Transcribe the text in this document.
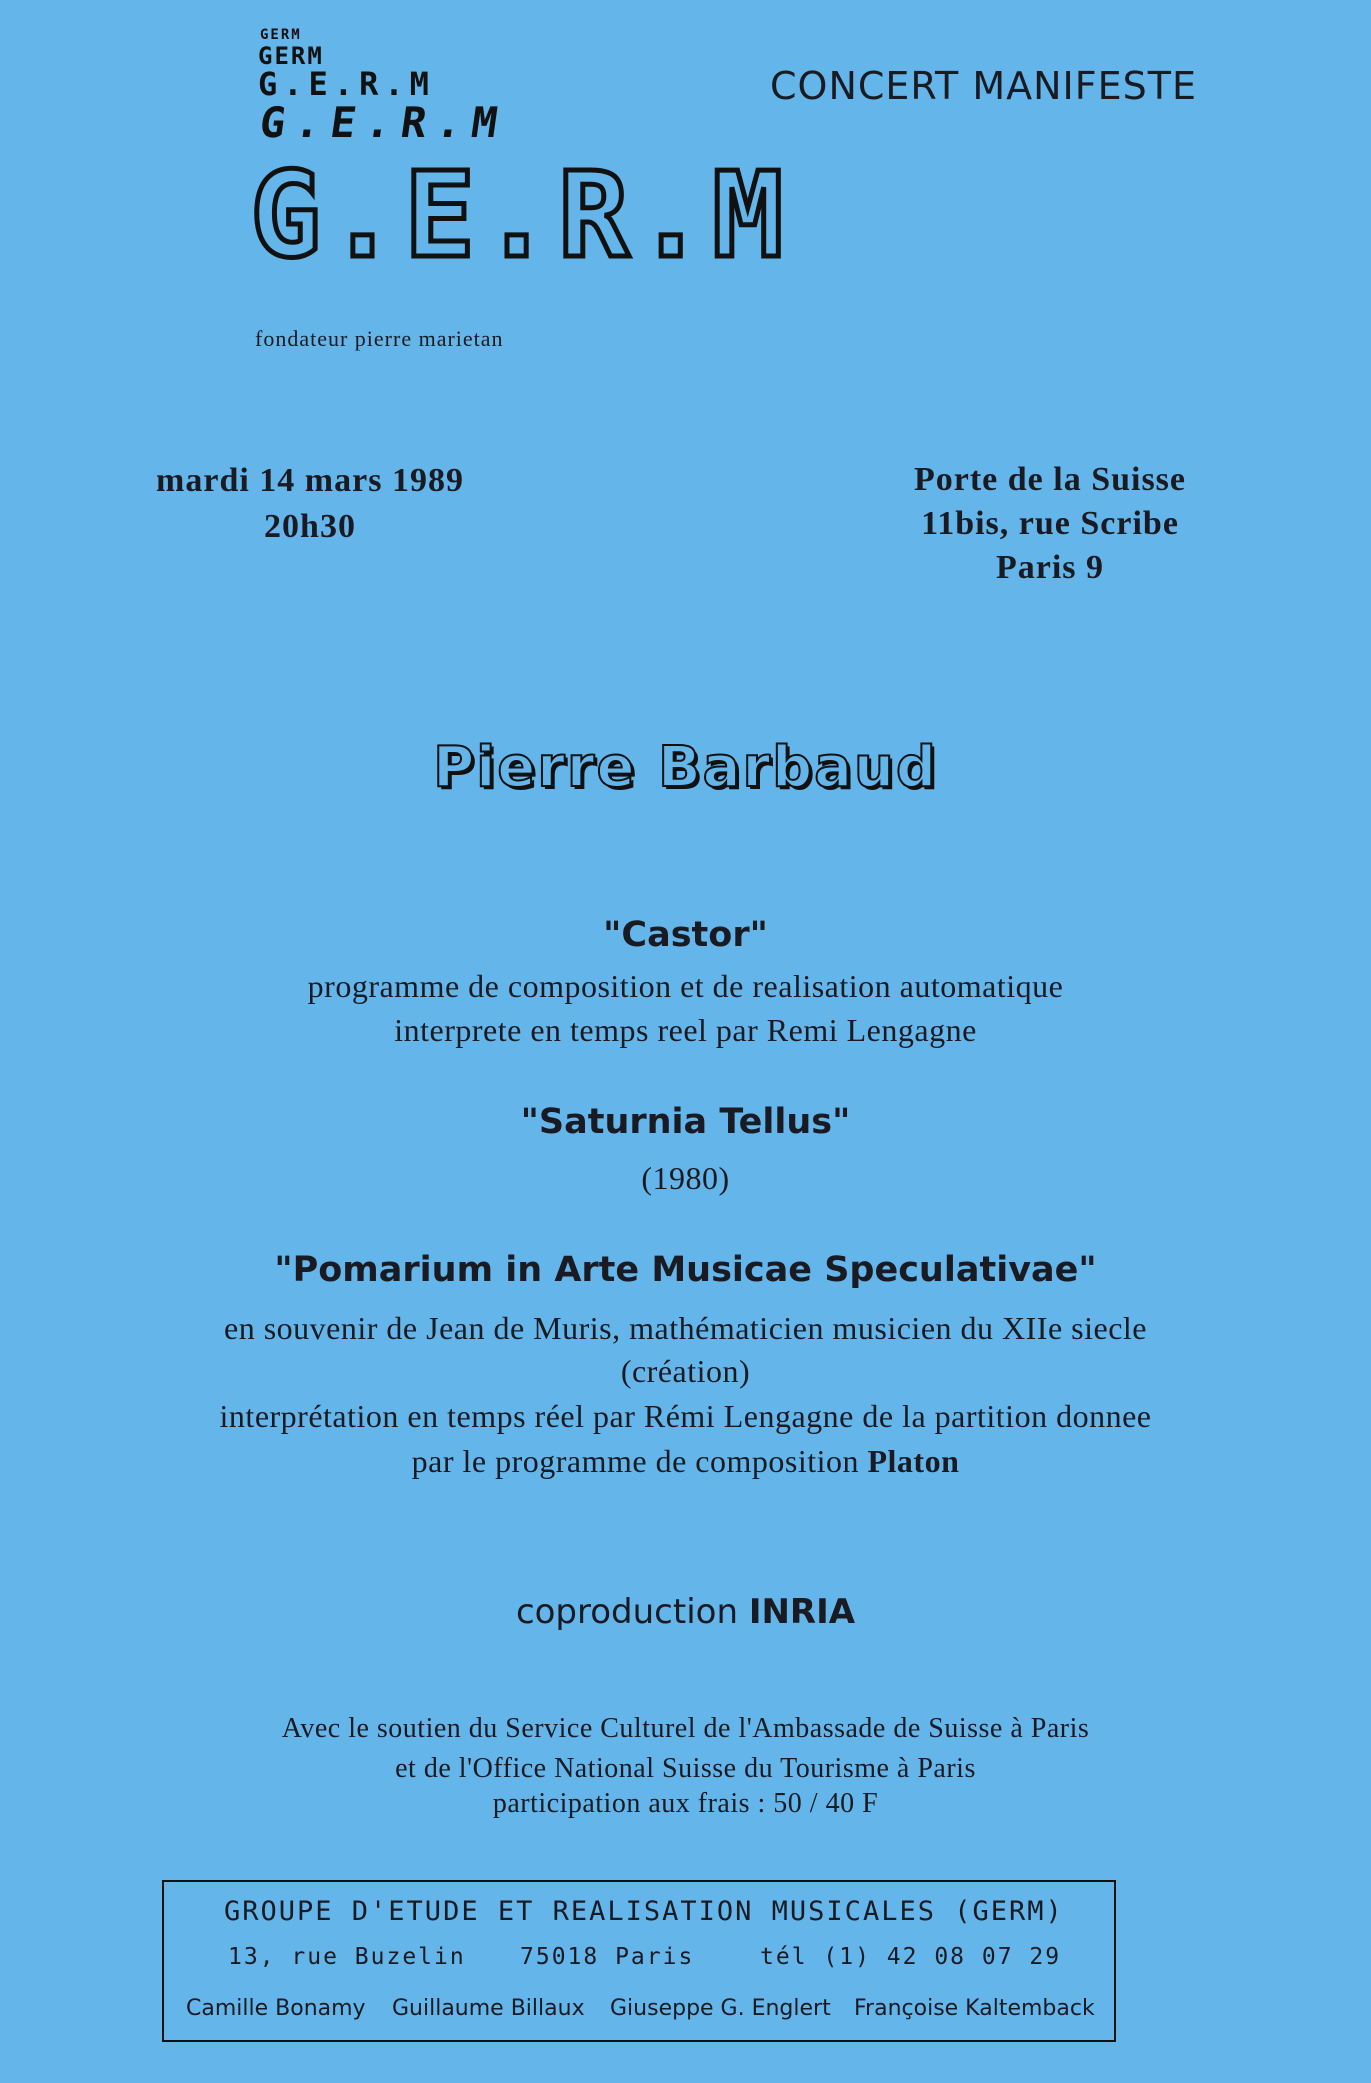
GERM
GERM
G.E.R.M
G.E.R.M
G.E.R.M
CONCERT MANIFESTE
fondateur pierre marietan
mardi 14 mars 1989
20h30
Porte de la Suisse
11bis, rue Scribe
Paris 9
Pierre Barbaud
"Castor"
programme de composition et de realisation automatique
interprete en temps reel par Remi Lengagne
"Saturnia Tellus"
(1980)
"Pomarium in Arte Musicae Speculativae"
en souvenir de Jean de Muris, mathématicien musicien du XIIe siecle
(création)
interprétation en temps réel par Rémi Lengagne de la partition donnee
par le programme de composition Platon
coproduction INRIA
Avec le soutien du Service Culturel de l'Ambassade de Suisse à Paris
et de l'Office National Suisse du Tourisme à Paris
participation aux frais : 50 / 40 F
GROUPE D'ETUDE ET REALISATION MUSICALES (GERM)
13, rue Buzelin 75018 Paris	tél (1) 42 08 07 29
Camille Bonamy Guillaume Billaux Giuseppe G. Englert Françoise Kaltemback
